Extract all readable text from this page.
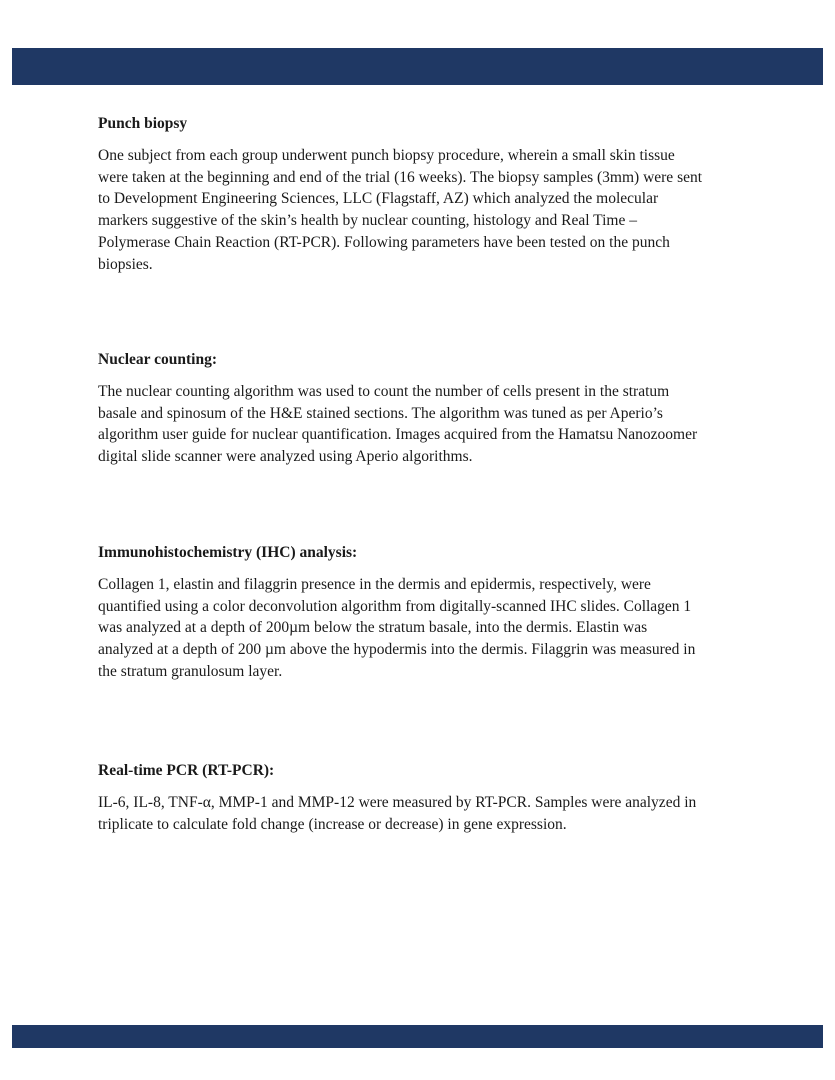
Punch biopsy

One subject from each group underwent punch biopsy procedure, wherein a small skin tissue
were taken at the beginning and end of the trial (16 weeks). The biopsy samples (3mm) were sent
to Development Engineering Sciences, LLC (Flagstaff, AZ) which analyzed the molecular
markers suggestive of the skin’s health by nuclear counting, histology and Real Time –
Polymerase Chain Reaction (RT-PCR). Following parameters have been tested on the punch
biopsies.

Nuclear counting:

The nuclear counting algorithm was used to count the number of cells present in the stratum
basale and spinosum of the H&E stained sections. The algorithm was tuned as per Aperio’s
algorithm user guide for nuclear quantification. Images acquired from the Hamatsu Nanozoomer
digital slide scanner were analyzed using Aperio algorithms.

Immunohistochemistry (IHC) analysis:

Collagen 1, elastin and filaggrin presence in the dermis and epidermis, respectively, were
quantified using a color deconvolution algorithm from digitally-scanned IHC slides. Collagen 1
was analyzed at a depth of 200µm below the stratum basale, into the dermis. Elastin was
analyzed at a depth of 200 µm above the hypodermis into the dermis. Filaggrin was measured in
the stratum granulosum layer.

Real-time PCR (RT-PCR):

IL-6, IL-8, TNF-α, MMP-1 and MMP-12 were measured by RT-PCR. Samples were analyzed in
triplicate to calculate fold change (increase or decrease) in gene expression.
